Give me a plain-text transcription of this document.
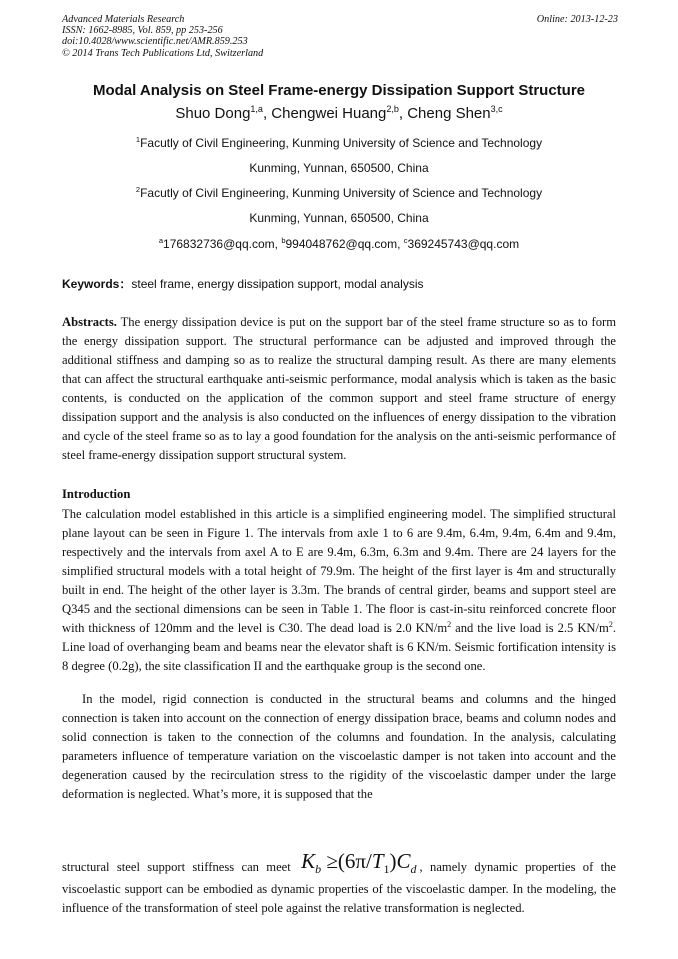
Advanced Materials Research
ISSN: 1662-8985, Vol. 859, pp 253-256
doi:10.4028/www.scientific.net/AMR.859.253
© 2014 Trans Tech Publications Ltd, Switzerland
Online: 2013-12-23
Modal Analysis on Steel Frame-energy Dissipation Support Structure
Shuo Dong$^{1,a}$, Chengwei Huang$^{2,b}$, Cheng Shen$^{3,c}$
$^1$Facutly of Civil Engineering, Kunming University of Science and Technology
Kunming, Yunnan, 650500, China
$^2$Facutly of Civil Engineering, Kunming University of Science and Technology
Kunming, Yunnan, 650500, China
$^a$176832736@qq.com, $^b$994048762@qq.com, $^c$369245743@qq.com
Keywords：steel frame, energy dissipation support, modal analysis

Abstracts. The energy dissipation device is put on the support bar of the steel frame structure so as to form the energy dissipation support. The structural performance can be adjusted and improved through the additional stiffness and damping so as to realize the structural damping result. As there are many elements that can affect the structural earthquake anti-seismic performance, modal analysis which is taken as the basic contents, is conducted on the application of the common support and steel frame structure of energy dissipation support and the analysis is also conducted on the influences of energy dissipation to the vibration and cycle of the steel frame so as to lay a good foundation for the analysis on the anti-seismic performance of steel frame-energy dissipation support structural system.

Introduction

The calculation model established in this article is a simplified engineering model. The simplified structural plane layout can be seen in Figure 1. The intervals from axle 1 to 6 are 9.4m, 6.4m, 9.4m, 6.4m and 9.4m, respectively and the intervals from axel A to E are 9.4m, 6.3m, 6.3m and 9.4m. There are 24 layers for the simplified structural models with a total height of 79.9m. The height of the first layer is 4m and structurally built in end. The height of the other layer is 3.3m. The brands of central girder, beams and support steel are Q345 and the sectional dimensions can be seen in Table 1. The floor is cast-in-situ reinforced concrete floor with thickness of 120mm and the level is C30. The dead load is 2.0 $KN/m^2$ and the live load is 2.5 $KN/m^2$. Line load of overhanging beam and beams near the elevator shaft is 6 KN/m. Seismic fortification intensity is 8 degree (0.2g), the site classification II and the earthquake group is the second one.

In the model, rigid connection is conducted in the structural beams and columns and the hinged connection is taken into account on the connection of energy dissipation brace, beams and column nodes and solid connection is taken to the connection of the columns and foundation. In the analysis, calculating parameters influence of temperature variation on the viscoelastic damper is not taken into account and the degeneration caused by the recirculation stress to the rigidity of the viscoelastic damper under the large deformation is neglected. What’s more, it is supposed that the

structural steel support stiffness can meet $K_b \ge(6\pi/T_1)C_d$ , namely dynamic properties of the viscoelastic support can be embodied as dynamic properties of the viscoelastic damper. In the modeling, the influence of the transformation of steel pole against the relative transformation is neglected.
